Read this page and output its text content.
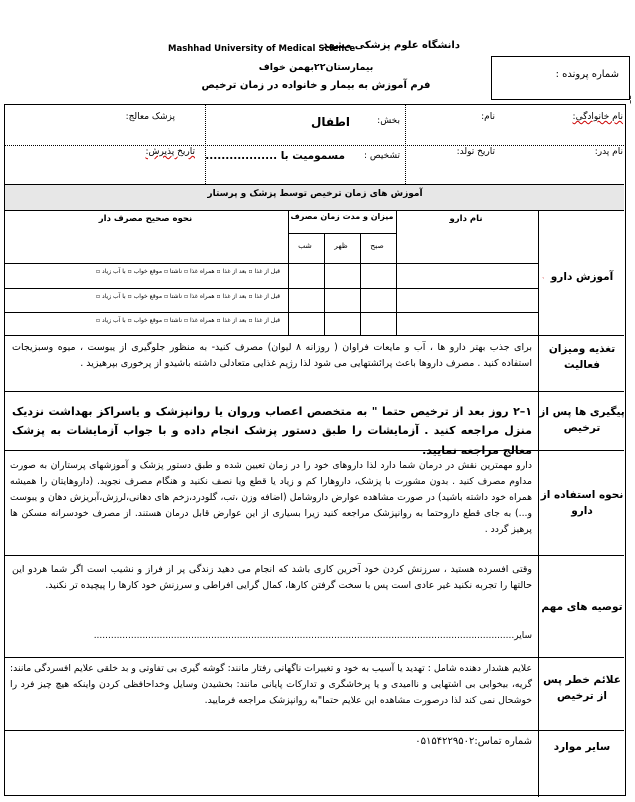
دانشگاه علوم پزشکی مشهد
Mashhad University of Medical Science
بیمارستان۲۲بهمن خواف
فرم آموزش به بیمار و خانواده در زمان ترخیص
شماره پرونده :
¦
نام خانوادگی:
نام:
بخش:
اطفال
پزشک معالج:
نام پدر:
تاریخ تولد:
تشخیص :
مسمومیت با ..................
تاریخ پذیرش:
آموزش های زمان ترخیص توسط پزشک و پرستار
آموزش دارو
نام دارو
میزان و مدت زمان مصرف
نحوه صحیح مصرف دار
صبح
ظهر
شب
ˎ
قبل از غذا ▫ بعد از غذا ▫ همراه غذا ▫ ناشتا ▫ موقع خواب ▫ با آب زیاد ▫
قبل از غذا ▫ بعد از غذا ▫ همراه غذا ▫ ناشتا ▫ موقع خواب ▫ با آب زیاد ▫
قبل از غذا ▫ بعد از غذا ▫ همراه غذا ▫ ناشتا ▫ موقع خواب ▫ با آب زیاد ▫
تغذیه ومیزان فعالیت
برای جذب بهتر دارو ها ، آب و مایعات فراوان ( روزانه ۸ لیوان) مصرف کنید- به منظور جلوگیری از یبوست ، میوه وسبزیجات استفاده کنید . مصرف داروها باعث پرائشتهایی می شود لذا رژیم غذایی متعادلی داشته باشیدو از پرخوری بپرهیزید .
پیگیری ها پس از ترخیص
۱–۲ روز بعد از ترخیص حتما " به متخصص اعصاب وروان یا روانپزشک و یاسراکز بهداشت نزدیک منزل مراجعه کنید . آزمایشات را طبق دستور پزشک انجام داده و با جواب آزمایشات به پزشک معالج مراجعه نمایید.
نحوه استفاده از دارو
دارو مهمترین نقش در درمان شما دارد لذا داروهای خود را در زمان تعیین شده و طبق دستور پزشک و آموزشهای پرستاران به صورت مداوم مصرف کنید . بدون مشورت با پزشک، داروهارا کم و زیاد یا قطع ویا نصف نکنید و هنگام مصرف نجوید. (داروهایتان را همیشه همراه خود داشته باشید) در صورت مشاهده عوارض داروشامل (اضافه وزن ،تب، گلودرد،زخم های دهانی،لرزش،آبریزش دهان و یبوست و...) به جای قطع داروحتما به روانپزشک مراجعه کنید زیرا بسیاری از این عوارض قابل درمان هستند. از مصرف خودسرانه مسکن ها پرهیز گردد .
توصیه های مهم
وقتی افسرده هستید ، سرزنش کردن خود آخرین کاری باشد که انجام می دهید زندگی پر از فراز و نشیب است اگر شما هردو این حالتها را تجربه نکنید غیر عادی است پس با سخت گرفتن کارها، کمال گرایی افراطی و سرزنش خود کارها را پیچیده تر نکنید.
سایر...................................................................................................................................................
علائم خطر پس از ترخیص
علایم هشدار دهنده شامل : تهدید یا آسیب به خود و تغییرات ناگهانی رفتار مانند: گوشه گیری بی تفاوتی و بد خلقی علایم افسردگی مانند: گریه، بیخوابی بی اشتهایی و ناامیدی و یا پرخاشگری و تدارکات پایانی مانند: بخشیدن وسایل وخداحافظی کردن واینکه هیچ چیز فرد را خوشحال نمی کند لذا درصورت مشاهده این علایم حتما"به روانپزشک مراجعه فرمایید.
سایر موارد
شماره تماس:۰۵۱۵۴۲۲۹۵۰۲
